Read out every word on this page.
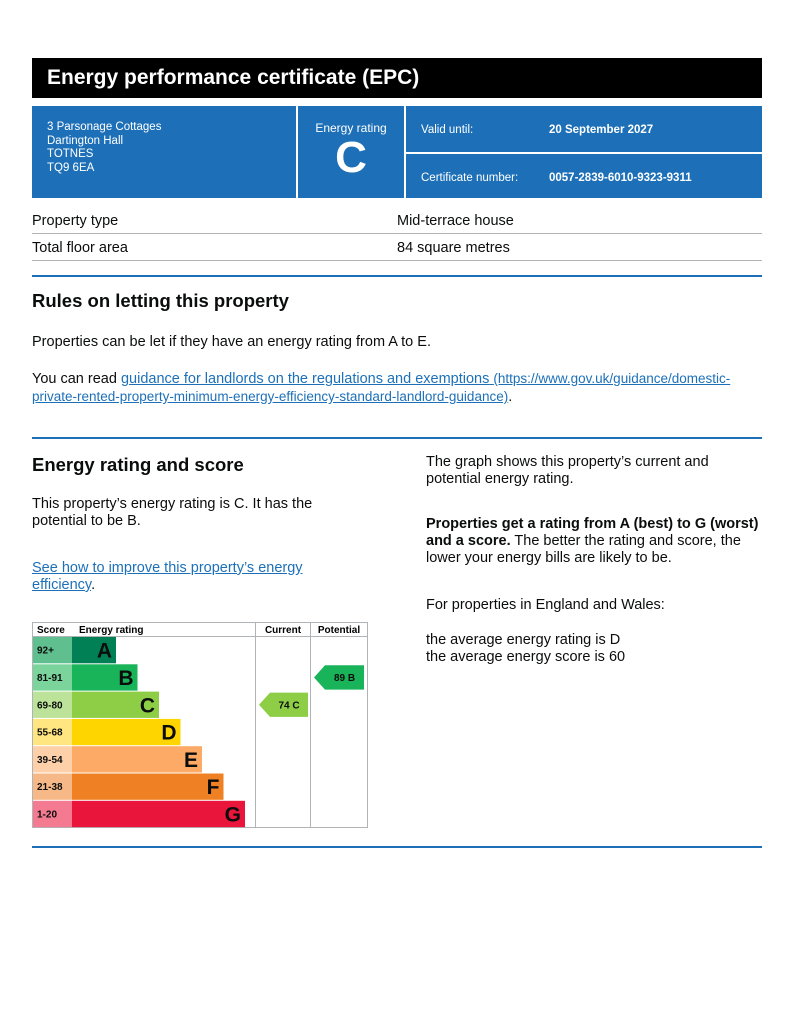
Energy performance certificate (EPC)
3 Parsonage Cottages
Dartington Hall
TOTNES
TQ9 6EA
Energy rating
C
Valid until:	20 September 2027
Certificate number:	0057-2839-6010-9323-9311
Property type	Mid-terrace house
Total floor area	84 square metres
Rules on letting this property

Properties can be let if they have an energy rating from A to E.

You can read guidance for landlords on the regulations and exemptions (https://www.gov.uk/guidance/domestic-
private-rented-property-minimum-energy-efficiency-standard-landlord-guidance).

Energy rating and score

This property’s energy rating is C. It has the
potential to be B.

See how to improve this property’s energy
efficiency.

The graph shows this property’s current and
potential energy rating.

Properties get a rating from A (best) to G (worst)
and a score. The better the rating and score, the
lower your energy bills are likely to be.

For properties in England and Wales:

the average energy rating is D
the average energy score is 60

Score Energy rating	Current Potential
92+ A
81-91	B
69-80	C
55-68	D
39-54	E
21-38	F
1-20	G
74 C
89 B
